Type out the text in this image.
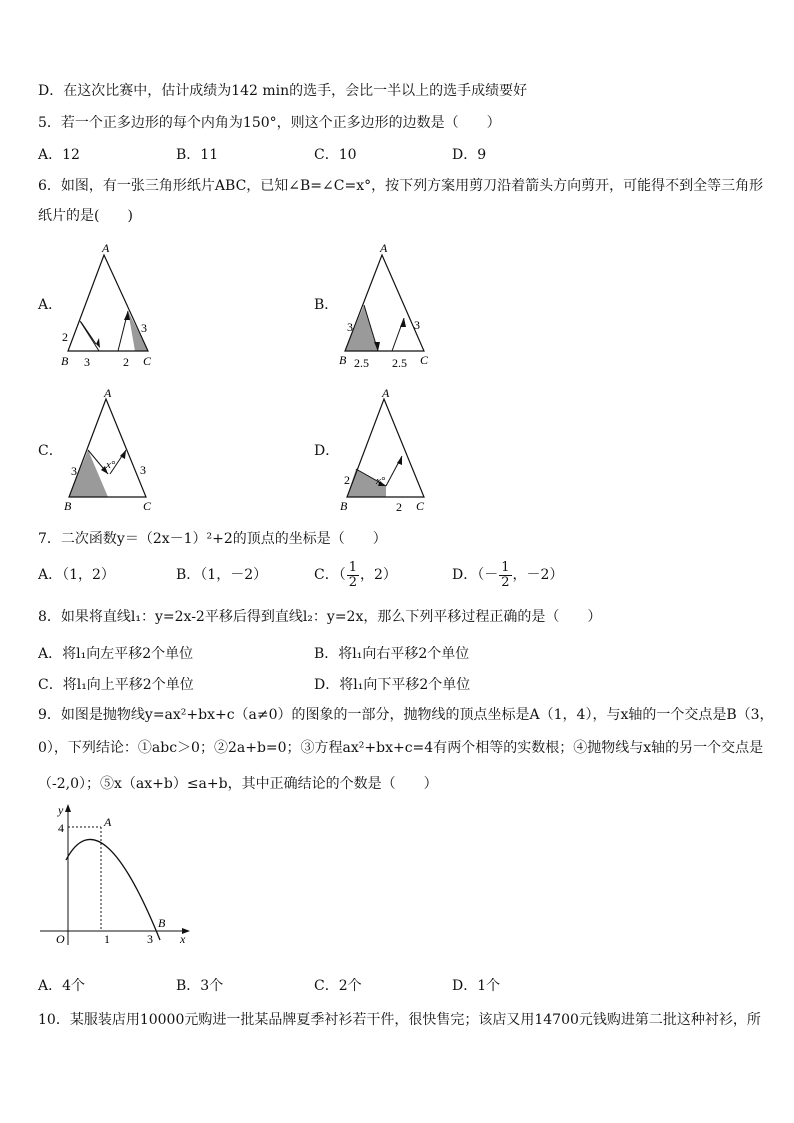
D．在这次比赛中，估计成绩为142 min的选手，会比一半以上的选手成绩要好
5．若一个正多边形的每个内角为150°，则这个正多边形的边数是（　　）
A．12	B．11	C．10	D．9
6．如图，有一张三角形纸片ABC，已知∠B=∠C=x°，按下列方案用剪刀沿着箭头方向剪开，可能得不到全等三角形
纸片的是(　　)
A．	B．
C．	D．
A
B	C
2
3	2
3
A
B	C
3
2.5 2.5
3
A
B	C
3	3
x°
A
B	C
2
2
x°
7．二次函数y＝（2x－1）²+2的顶点的坐标是（　　）
A．（1，2）	B．（1，－2）	C．（ $\frac{1}{2}$ ，2）	D．（－ $\frac{1}{2}$ ，－2）
8．如果将直线l₁：y=2x-2平移后得到直线l₂：y=2x，那么下列平移过程正确的是（　　）
A．将l₁向左平移2个单位	B．将l₁向右平移2个单位
C．将l₁向上平移2个单位	D．将l₁向下平移2个单位
9．如图是抛物线y=ax²+bx+c（a≠0）的图象的一部分，抛物线的顶点坐标是A（1，4），与x轴的一个交点是B（3，
0），下列结论：①abc＞0；②2a+b=0；③方程ax²+bx+c=4有两个相等的实数根；④抛物线与x轴的另一个交点是
（-2,0）；⑤x（ax+b）≤a+b，其中正确结论的个数是（　　）
y
4	A
B
O	1	3 x
A．4个	B．3个	C．2个	D．1个
10．某服装店用10000元购进一批某品牌夏季衬衫若干件，很快售完；该店又用14700元钱购进第二批这种衬衫，所
